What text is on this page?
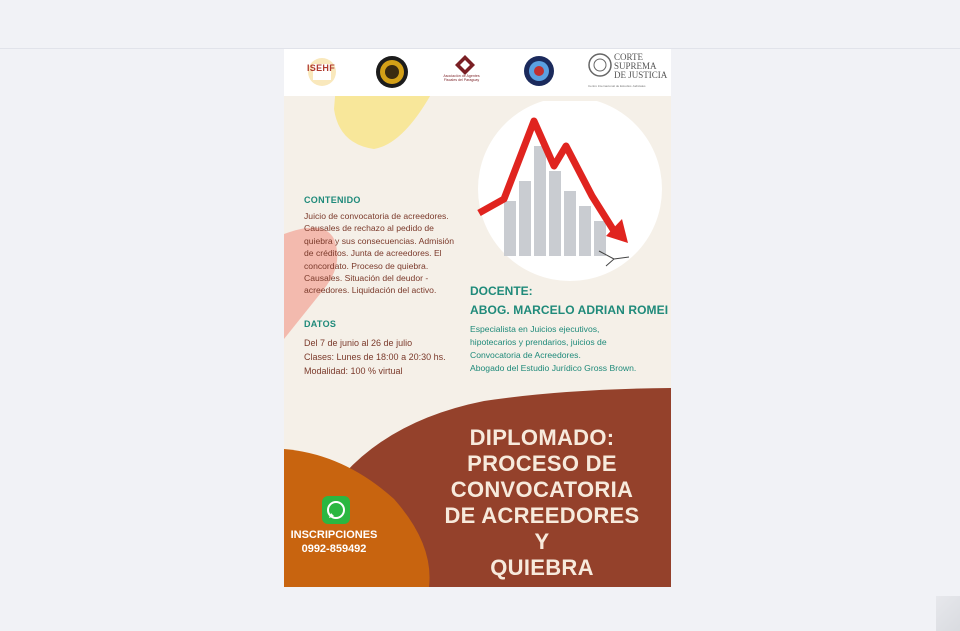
ISEHF
Asociación de Agentes Fiscales del Paraguay
CORTE
SUPREMA
DE JUSTICIA
Centro Internacional de Estudios Judiciales
CONTENIDO
Juicio de convocatoria de acreedores. Causales de rechazo al pedido de quiebra y sus consecuencias. Admisión de créditos. Junta de acreedores. El concordato. Proceso de quiebra. Causales. Situación del deudor - acreedores. Liquidación del activo.
DATOS
Del 7 de junio al 26 de julio
Clases: Lunes de 18:00 a 20:30 hs.
Modalidad: 100 % virtual
DOCENTE:
ABOG. MARCELO ADRIAN ROMEI
Especialista en Juicios ejecutivos,
hipotecarios y prendarios, juicios de
Convocatoria de Acreedores.
Abogado del Estudio Jurídico Gross Brown.
DIPLOMADO:
PROCESO DE
CONVOCATORIA
DE ACREEDORES
Y
QUIEBRA
INSCRIPCIONES
0992-859492
